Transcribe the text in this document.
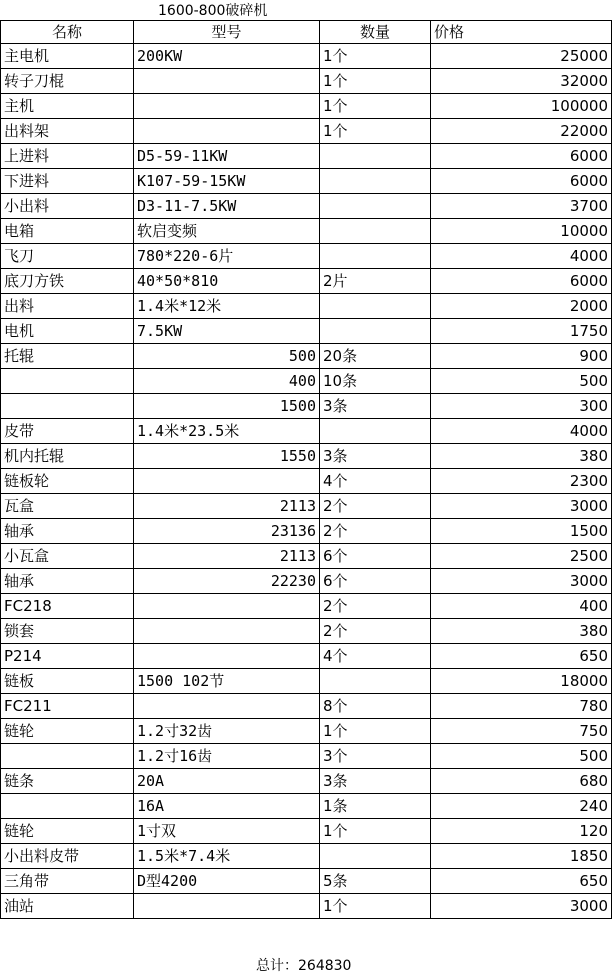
1600-800破碎机
名称	型号	数量	价格
主电机	200KW	1个	25000
转子刀棍		1个	32000
主机		1个	100000
出料架		1个	22000
上进料	D5-59-11KW		6000
下进料	K107-59-15KW		6000
小出料	D3-11-7.5KW		3700
电箱	软启变频		10000
飞刀	780*220-6片		4000
底刀方铁	40*50*810	2片	6000
出料	1.4米*12米		2000
电机	7.5KW		1750
托辊	500	20条	900
	400	10条	500
	1500	3条	300
皮带	1.4米*23.5米		4000
机内托辊	1550	3条	380
链板轮		4个	2300
瓦盒	2113	2个	3000
轴承	23136	2个	1500
小瓦盒	2113	6个	2500
轴承	22230	6个	3000
FC218		2个	400
锁套		2个	380
P214		4个	650
链板	1500 102节		18000
FC211		8个	780
链轮	1.2寸32齿	1个	750
	1.2寸16齿	3个	500
链条	20A	3条	680
	16A	1条	240
链轮	1寸双	1个	120
小出料皮带	1.5米*7.4米		1850
三角带	D型4200	5条	650
油站		1个	3000
总计：264830
